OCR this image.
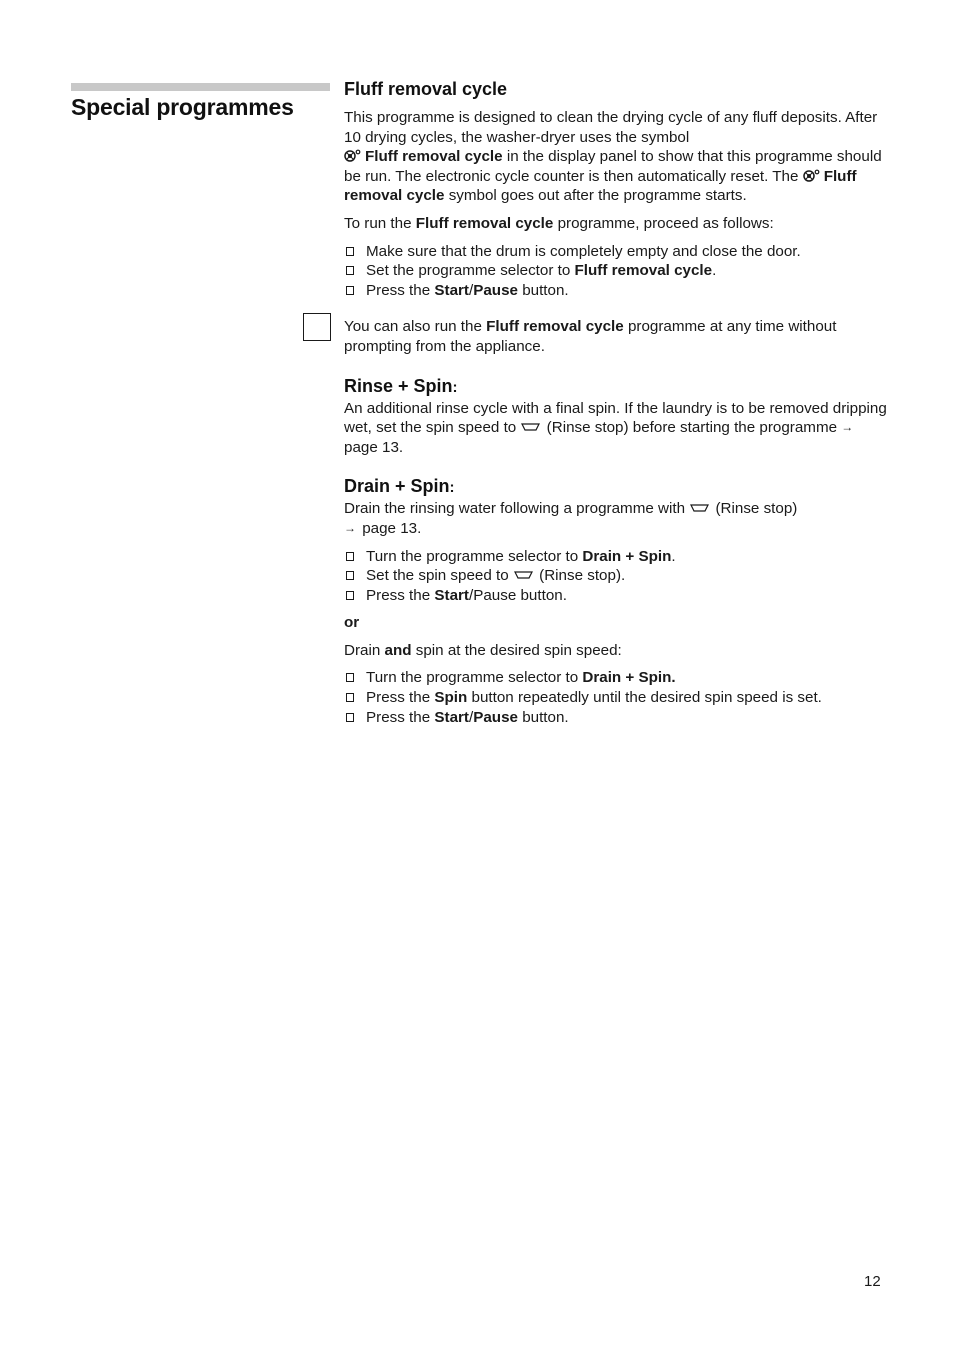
Special programmes
Fluff removal cycle

This programme is designed to clean the drying cycle of any fluff deposits. After 10 drying cycles, the washer-dryer uses the symbol
Fluff removal cycle in the display panel to show that this programme should be run. The electronic cycle counter is then automatically reset. The Fluff removal cycle symbol goes out after the programme starts.

To run the Fluff removal cycle programme, proceed as follows:

Make sure that the drum is completely empty and close the door.
Set the programme selector to Fluff removal cycle.
Press the Start/Pause button.

You can also run the Fluff removal cycle programme at any time without prompting from the appliance.

Rinse + Spin:

An additional rinse cycle with a final spin. If the laundry is to be removed dripping wet, set the spin speed to  (Rinse stop) before starting the programme → page 13.

Drain + Spin:

Drain the rinsing water following a programme with  (Rinse stop)
→ page 13.

Turn the programme selector to Drain + Spin.
Set the spin speed to  (Rinse stop).
Press the Start/Pause button.

or

Drain and spin at the desired spin speed:

Turn the programme selector to Drain + Spin.
Press the Spin button repeatedly until the desired spin speed is set.
Press the Start/Pause button.
12
